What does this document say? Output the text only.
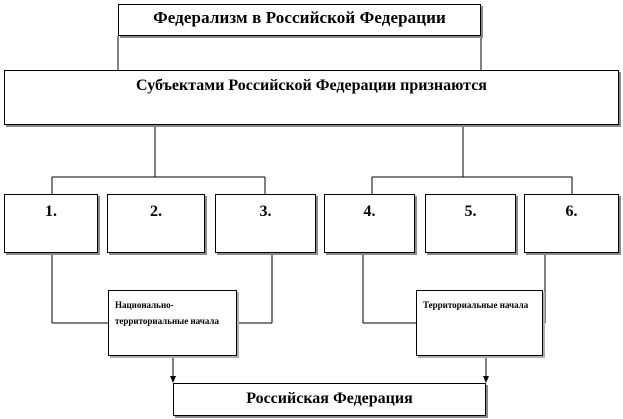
Федерализм в Российской Федерации
Субъектами Российской Федерации признаются
1.	2.	3.	4.	5.	6.
Национально-территориальные начала
Территориальные начала
Российская Федерация
